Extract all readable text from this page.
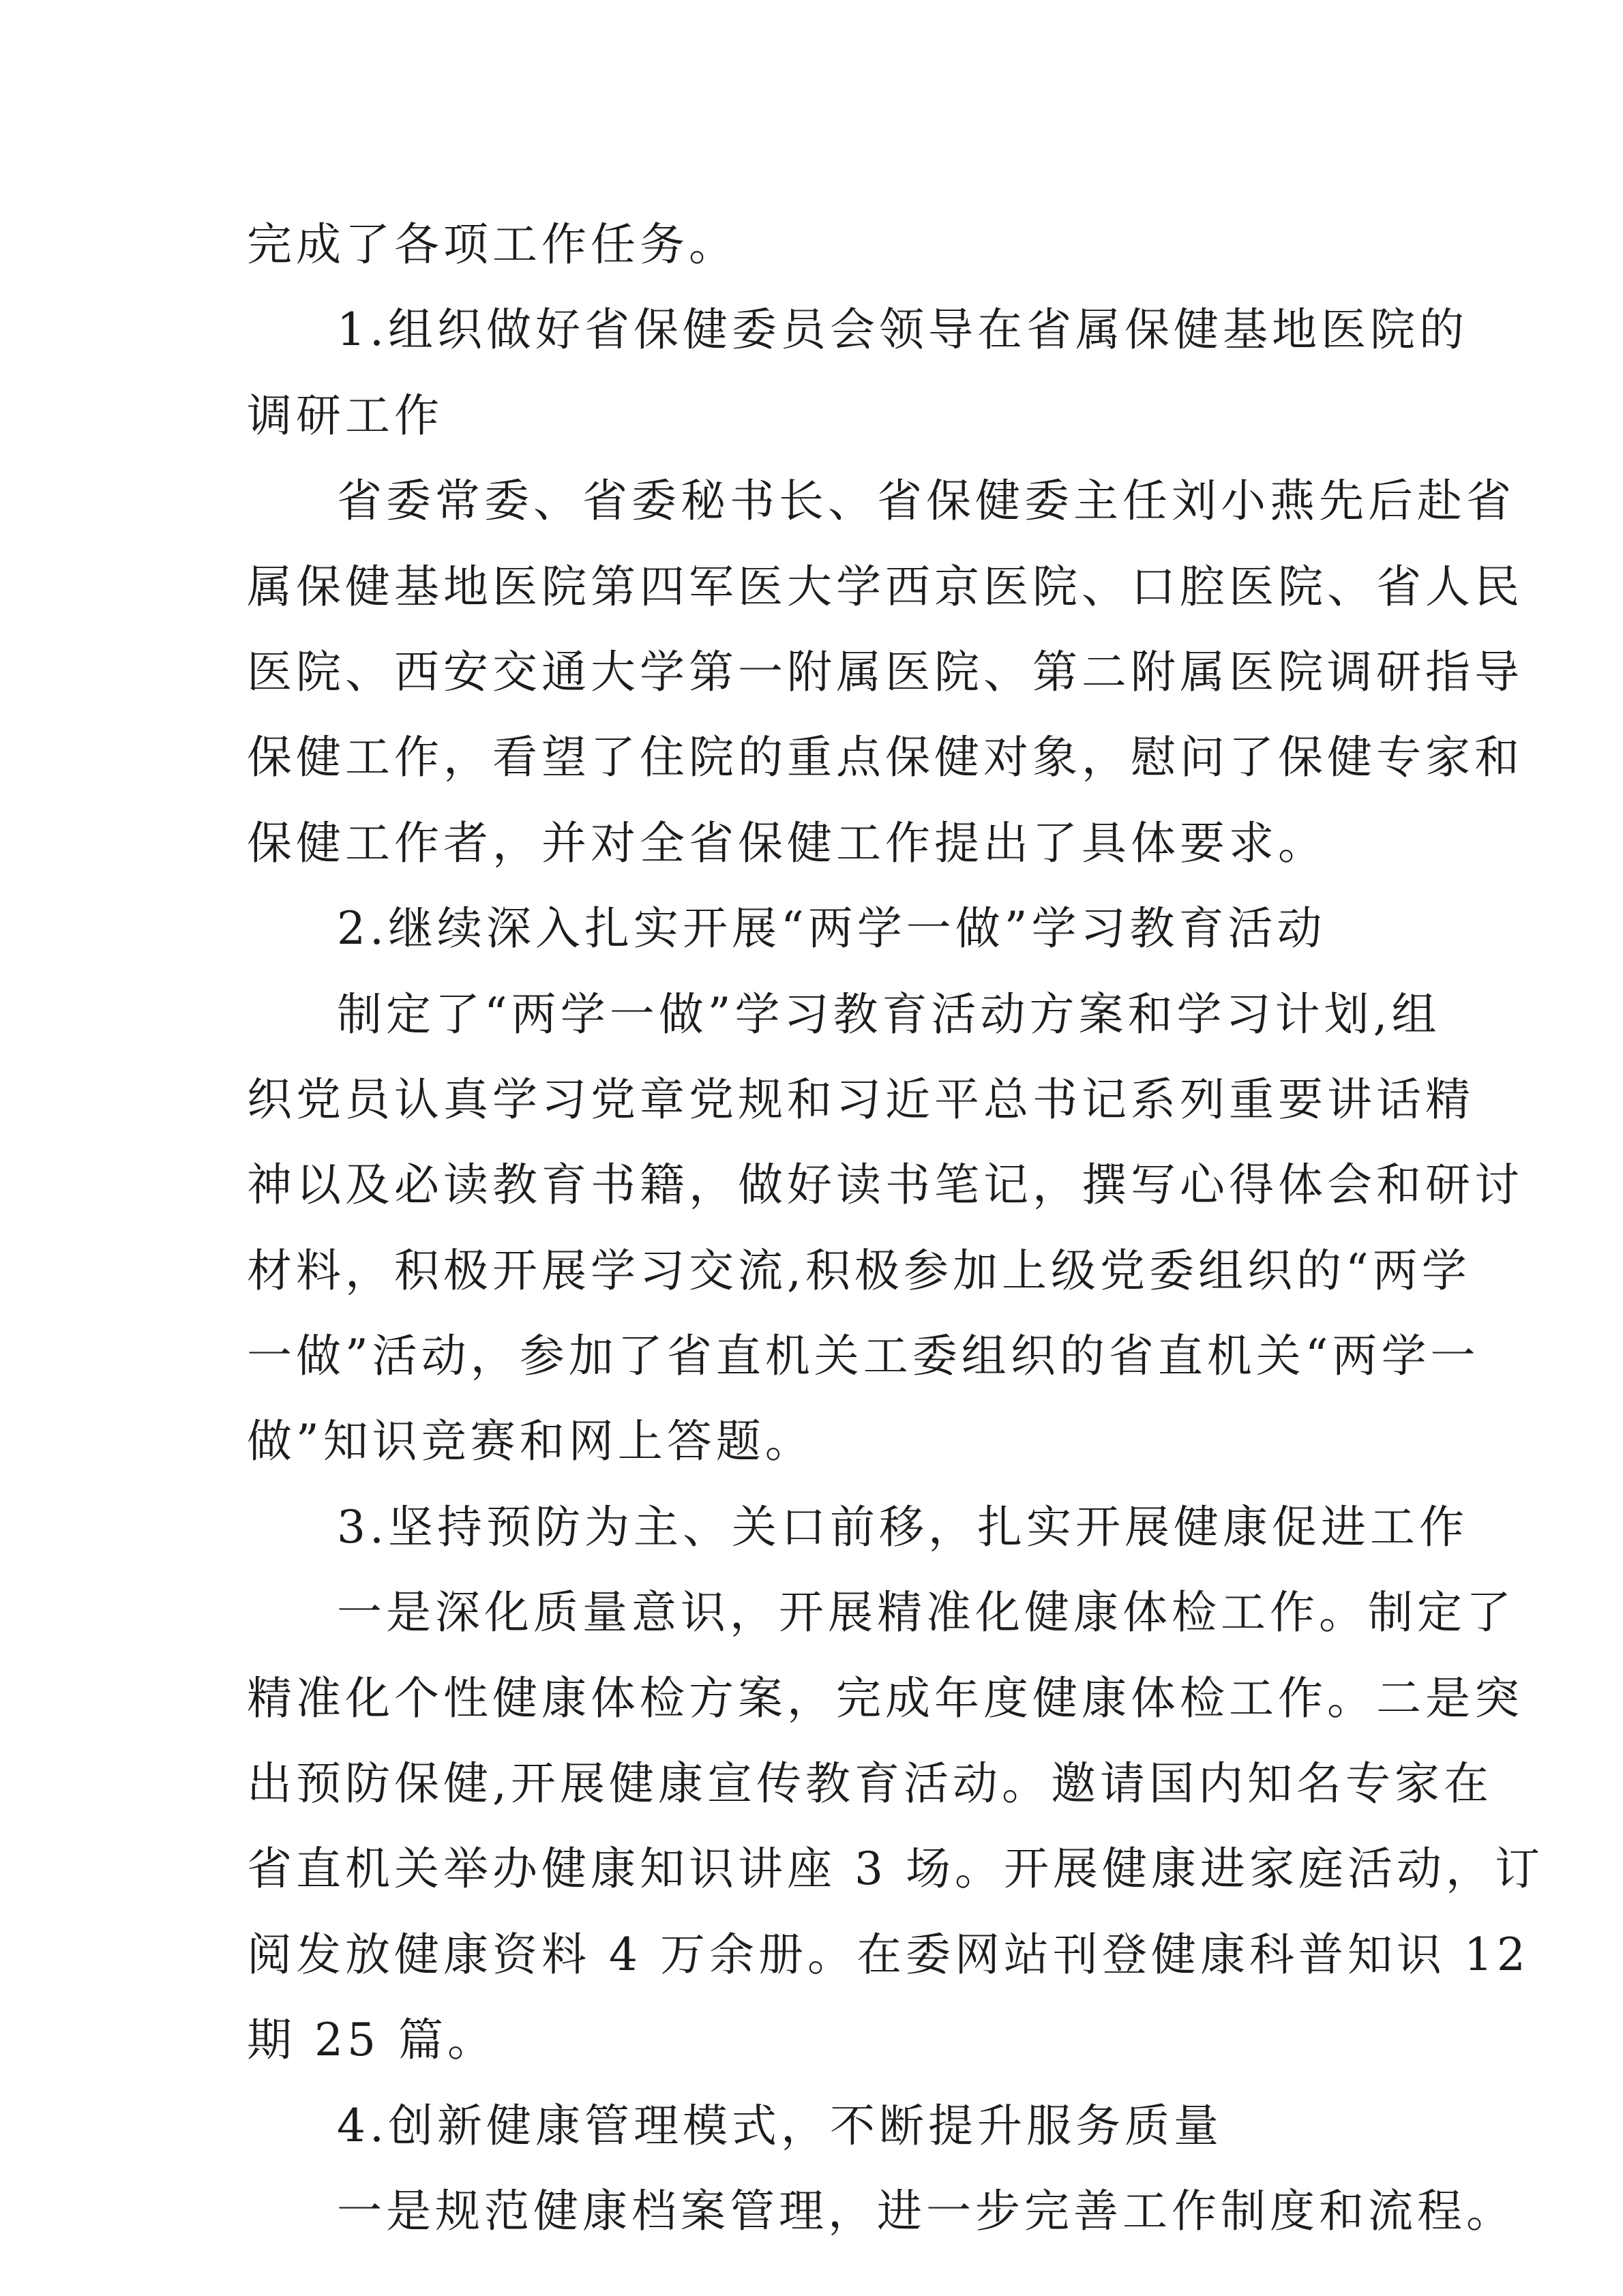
完成了各项工作任务。
1.组织做好省保健委员会领导在省属保健基地医院的
调研工作
省委常委、省委秘书长、省保健委主任刘小燕先后赴省
属保健基地医院第四军医大学西京医院、口腔医院、省人民
医院、西安交通大学第一附属医院、第二附属医院调研指导
保健工作，看望了住院的重点保健对象，慰问了保健专家和
保健工作者，并对全省保健工作提出了具体要求。
2.继续深入扎实开展“两学一做”学习教育活动
制定了“两学一做”学习教育活动方案和学习计划,组
织党员认真学习党章党规和习近平总书记系列重要讲话精
神以及必读教育书籍，做好读书笔记，撰写心得体会和研讨
材料，积极开展学习交流,积极参加上级党委组织的“两学
一做”活动，参加了省直机关工委组织的省直机关“两学一
做”知识竞赛和网上答题。
3.坚持预防为主、关口前移，扎实开展健康促进工作
一是深化质量意识，开展精准化健康体检工作。制定了
精准化个性健康体检方案，完成年度健康体检工作。二是突
出预防保健,开展健康宣传教育活动。邀请国内知名专家在
省直机关举办健康知识讲座 3 场。开展健康进家庭活动，订
阅发放健康资料 4 万余册。在委网站刊登健康科普知识 12
期 25 篇。
4.创新健康管理模式，不断提升服务质量
一是规范健康档案管理，进一步完善工作制度和流程。
